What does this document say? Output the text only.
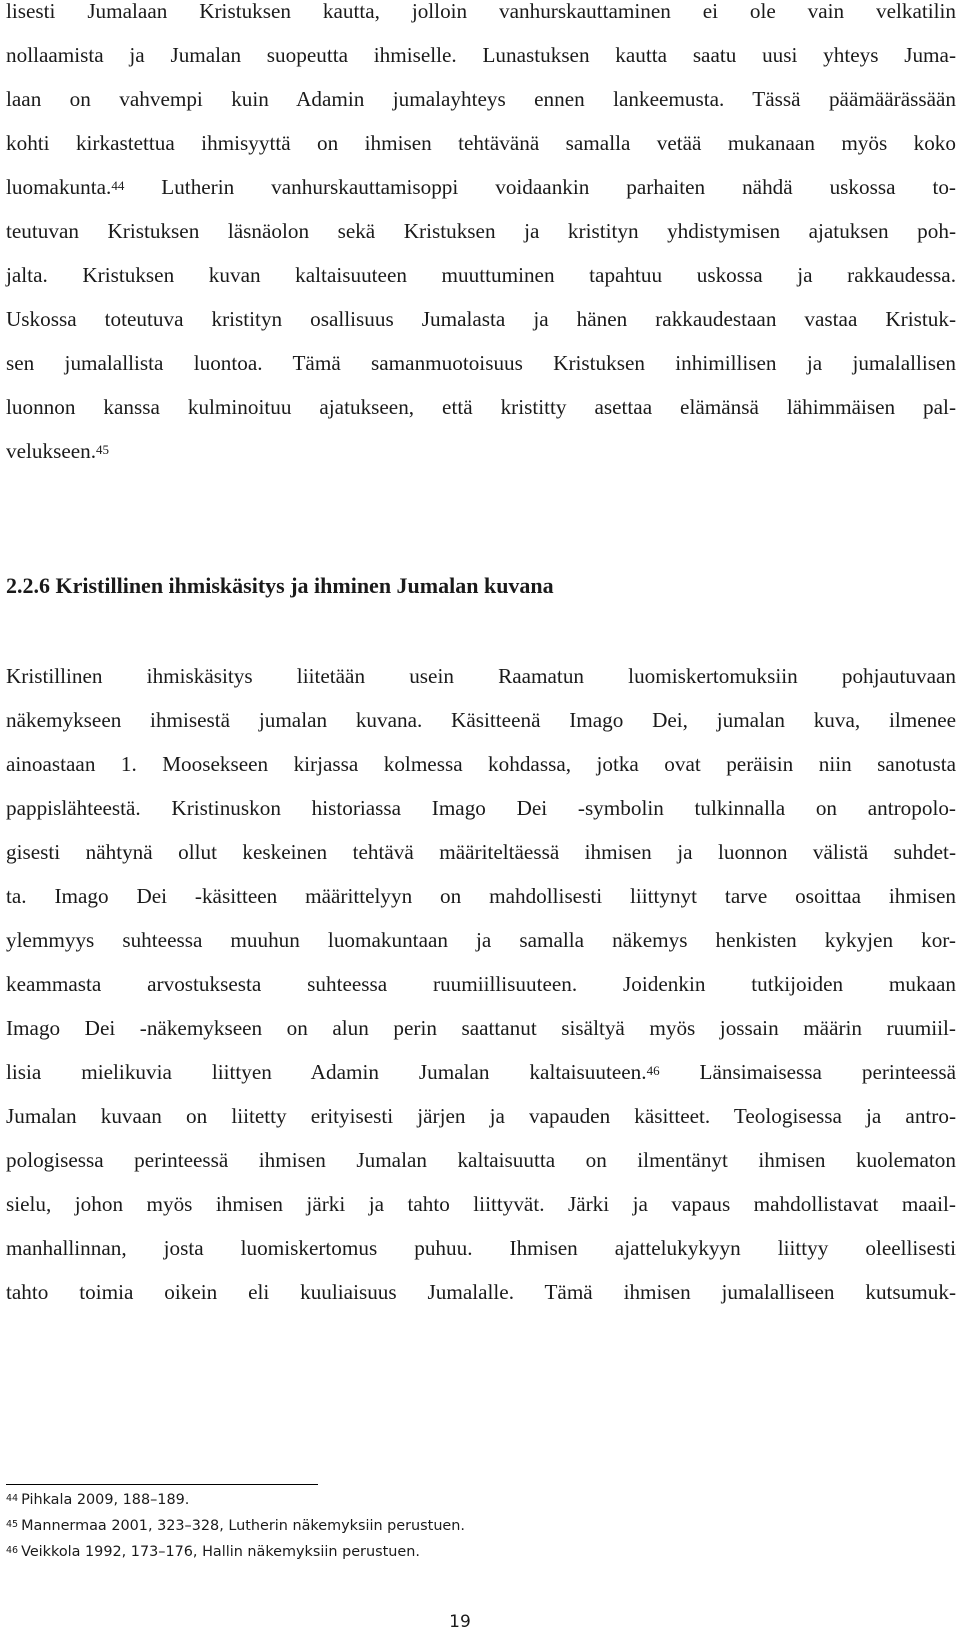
lisesti Jumalaan Kristuksen kautta, jolloin vanhurskauttaminen ei ole vain velkatilin
nollaamista ja Jumalan suopeutta ihmiselle. Lunastuksen kautta saatu uusi yhteys Juma-
laan on vahvempi kuin Adamin jumalayhteys ennen lankeemusta. Tässä päämäärässään
kohti kirkastettua ihmisyyttä on ihmisen tehtävänä samalla vetää mukanaan myös koko
luomakunta.$^{44}$ Lutherin vanhurskauttamisoppi voidaankin parhaiten nähdä uskossa to-
teutuvan Kristuksen läsnäolon sekä Kristuksen ja kristityn yhdistymisen ajatuksen poh-
jalta. Kristuksen kuvan kaltaisuuteen muuttuminen tapahtuu uskossa ja rakkaudessa.
Uskossa toteutuva kristityn osallisuus Jumalasta ja hänen rakkaudestaan vastaa Kristuk-
sen jumalallista luontoa. Tämä samanmuotoisuus Kristuksen inhimillisen ja jumalallisen
luonnon kanssa kulminoituu ajatukseen, että kristitty asettaa elämänsä lähimmäisen pal-
velukseen.$^{45}$
2.2.6 Kristillinen ihmiskäsitys ja ihminen Jumalan kuvana
Kristillinen ihmiskäsitys liitetään usein Raamatun luomiskertomuksiin pohjautuvaan
näkemykseen ihmisestä jumalan kuvana. Käsitteenä Imago Dei, jumalan kuva, ilmenee
ainoastaan 1. Moosekseen kirjassa kolmessa kohdassa, jotka ovat peräisin niin sanotusta
pappislähteestä. Kristinuskon historiassa Imago Dei -symbolin tulkinnalla on antropolo-
gisesti nähtynä ollut keskeinen tehtävä määriteltäessä ihmisen ja luonnon välistä suhdet-
ta. Imago Dei -käsitteen määrittelyyn on mahdollisesti liittynyt tarve osoittaa ihmisen
ylemmyys suhteessa muuhun luomakuntaan ja samalla näkemys henkisten kykyjen kor-
keammasta arvostuksesta suhteessa ruumiillisuuteen. Joidenkin tutkijoiden mukaan
Imago Dei -näkemykseen on alun perin saattanut sisältyä myös jossain määrin ruumiil-
lisia mielikuvia liittyen Adamin Jumalan kaltaisuuteen.$^{46}$ Länsimaisessa perinteessä
Jumalan kuvaan on liitetty erityisesti järjen ja vapauden käsitteet. Teologisessa ja antro-
pologisessa perinteessä ihmisen Jumalan kaltaisuutta on ilmentänyt ihmisen kuolematon
sielu, johon myös ihmisen järki ja tahto liittyvät. Järki ja vapaus mahdollistavat maail-
manhallinnan, josta luomiskertomus puhuu. Ihmisen ajattelukykyyn liittyy oleellisesti
tahto toimia oikein eli kuuliaisuus Jumalalle. Tämä ihmisen jumalalliseen kutsumuk-
$^{44}$ Pihkala 2009, 188–189.
$^{45}$ Mannermaa 2001, 323–328, Lutherin näkemyksiin perustuen.
$^{46}$ Veikkola 1992, 173–176, Hallin näkemyksiin perustuen.
19
